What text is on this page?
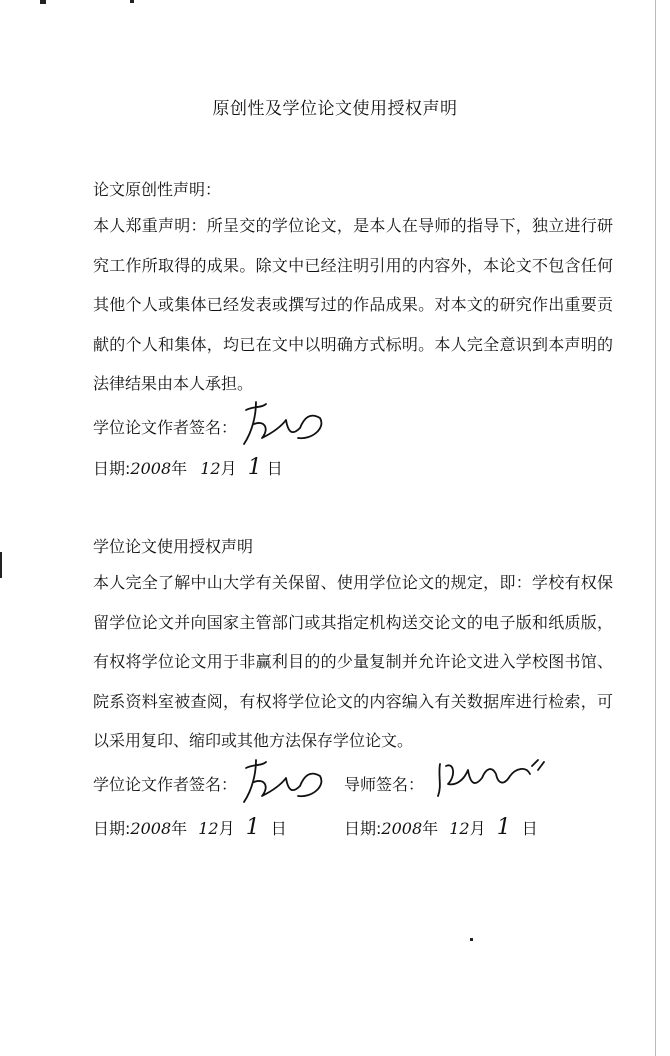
原创性及学位论文使用授权声明
论文原创性声明：

本人郑重声明：所呈交的学位论文，是本人在导师的指导下，独立进行研究工作所取得的成果。除文中已经注明引用的内容外，本论文不包含任何其他个人或集体已经发表或撰写过的作品成果。对本文的研究作出重要贡献的个人和集体，均已在文中以明确方式标明。本人完全意识到本声明的法律结果由本人承担。

学位论文作者签名：
日期:2008年 12月 1 日
学位论文使用授权声明

本人完全了解中山大学有关保留、使用学位论文的规定，即：学校有权保留学位论文并向国家主管部门或其指定机构送交论文的电子版和纸质版，有权将学位论文用于非赢利目的的少量复制并允许论文进入学校图书馆、院系资料室被查阅，有权将学位论文的内容编入有关数据库进行检索，可以采用复印、缩印或其他方法保存学位论文。

学位论文作者签名：	导师签名：
日期:2008年 12月 1 日	日期:2008年 12月 1 日
